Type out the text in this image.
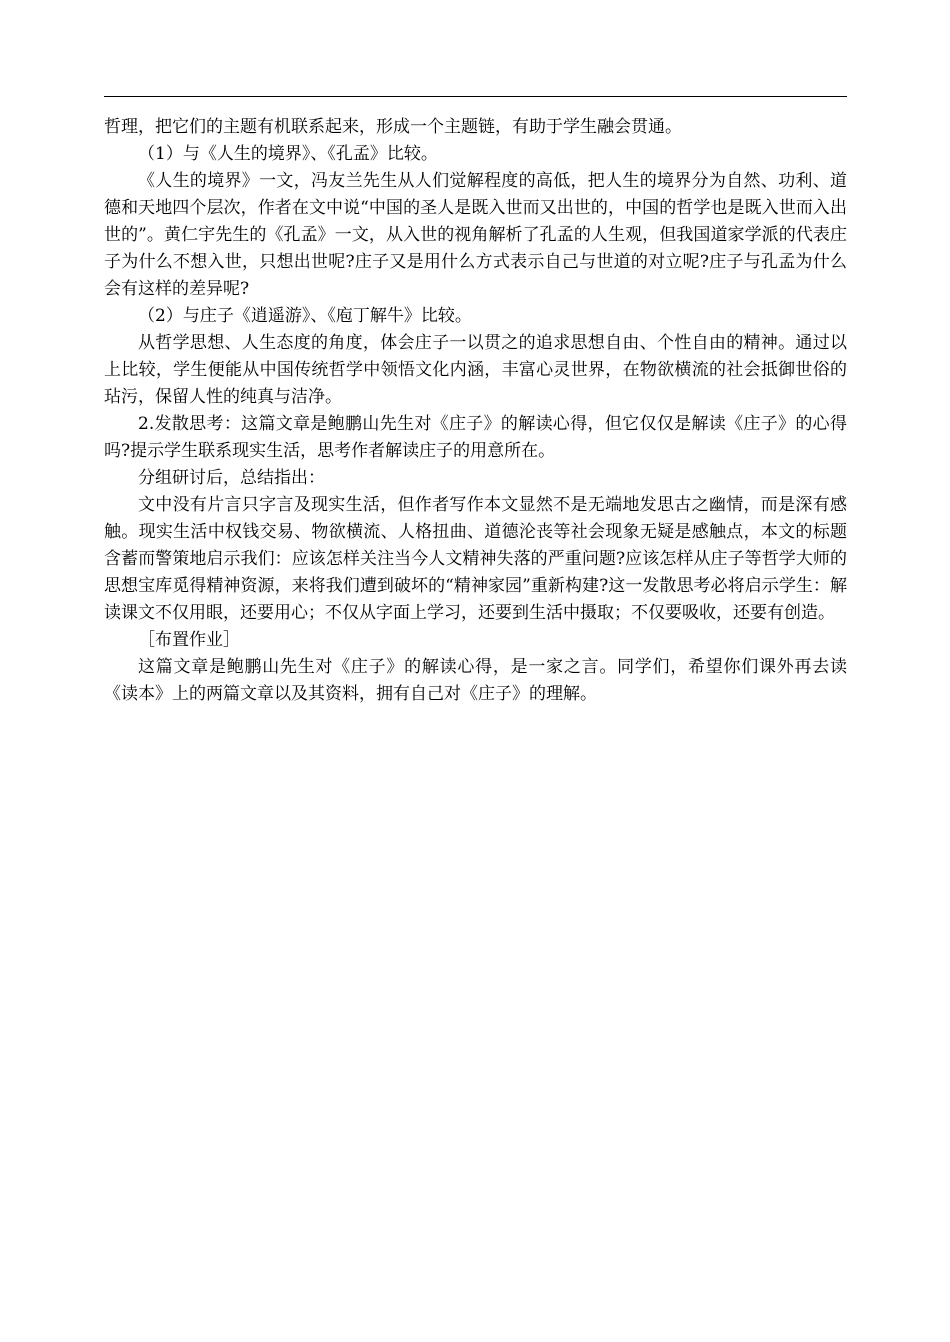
哲理，把它们的主题有机联系起来，形成一个主题链，有助于学生融会贯通。

（1）与《人生的境界》、《孔孟》比较。

《人生的境界》一文，冯友兰先生从人们觉解程度的高低，把人生的境界分为自然、功利、道德和天地四个层次，作者在文中说“中国的圣人是既入世而又出世的，中国的哲学也是既入世而入出世的”。黄仁宇先生的《孔孟》一文，从入世的视角解析了孔孟的人生观，但我国道家学派的代表庄子为什么不想入世，只想出世呢?庄子又是用什么方式表示自己与世道的对立呢?庄子与孔孟为什么会有这样的差异呢?

（2）与庄子《逍遥游》、《庖丁解牛》比较。

从哲学思想、人生态度的角度，体会庄子一以贯之的追求思想自由、个性自由的精神。通过以上比较，学生便能从中国传统哲学中领悟文化内涵，丰富心灵世界，在物欲横流的社会抵御世俗的玷污，保留人性的纯真与洁净。

2.发散思考：这篇文章是鲍鹏山先生对《庄子》的解读心得，但它仅仅是解读《庄子》的心得吗?提示学生联系现实生活，思考作者解读庄子的用意所在。

分组研讨后，总结指出：

文中没有片言只字言及现实生活，但作者写作本文显然不是无端地发思古之幽情，而是深有感触。现实生活中权钱交易、物欲横流、人格扭曲、道德沦丧等社会现象无疑是感触点，本文的标题含蓄而警策地启示我们：应该怎样关注当今人文精神失落的严重问题?应该怎样从庄子等哲学大师的思想宝库觅得精神资源，来将我们遭到破坏的“精神家园”重新构建?这一发散思考必将启示学生：解读课文不仅用眼，还要用心；不仅从字面上学习，还要到生活中摄取；不仅要吸收，还要有创造。

［布置作业］

这篇文章是鲍鹏山先生对《庄子》的解读心得，是一家之言。同学们，希望你们课外再去读《读本》上的两篇文章以及其资料，拥有自己对《庄子》的理解。
